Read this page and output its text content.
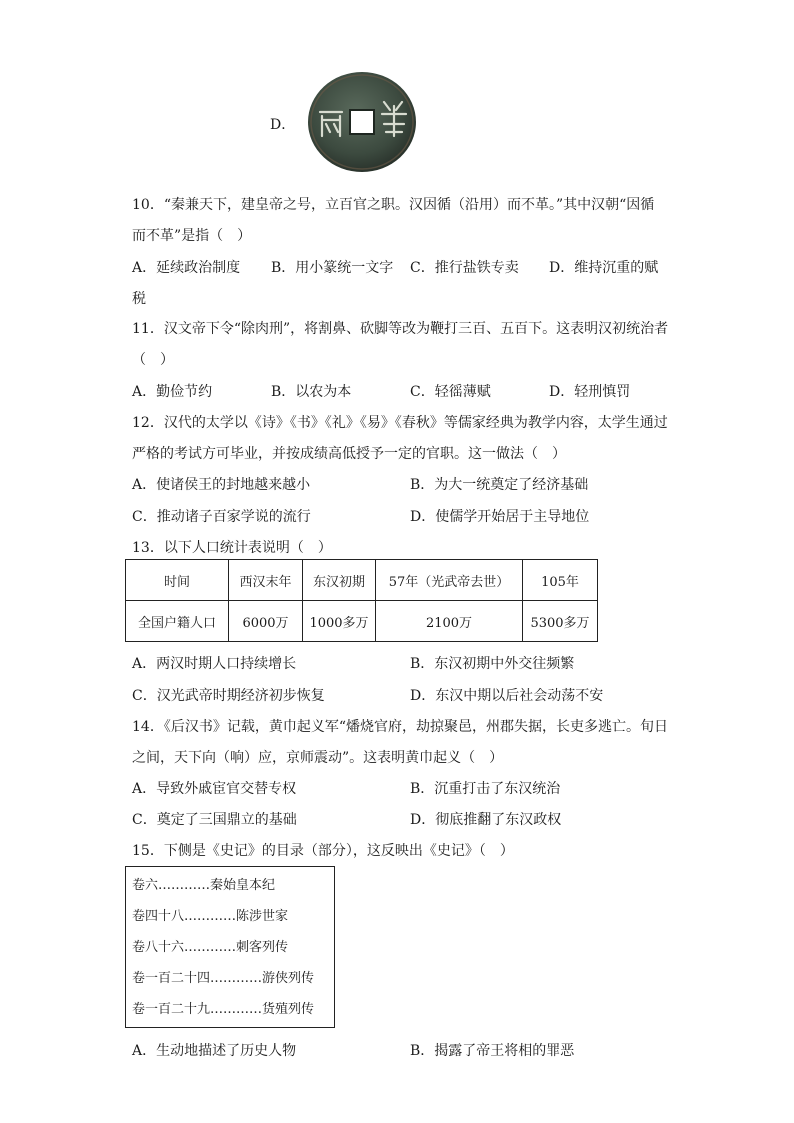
D．
10．“秦兼天下，建皇帝之号，立百官之职。汉因循（沿用）而不革。”其中汉朝“因循
而不革”是指（　）
A．延续政治制度 B．用小篆统一文字 C．推行盐铁专卖 D．维持沉重的赋
税
11．汉文帝下令“除肉刑”，将割鼻、砍脚等改为鞭打三百、五百下。这表明汉初统治者
（　）
A．勤俭节约	B．以农为本	C．轻徭薄赋	D．轻刑慎罚
12．汉代的太学以《诗》《书》《礼》《易》《春秋》等儒家经典为教学内容，太学生通过
严格的考试方可毕业，并按成绩高低授予一定的官职。这一做法（　）
A．使诸侯王的封地越来越小	B．为大一统奠定了经济基础
C．推动诸子百家学说的流行	D．使儒学开始居于主导地位
13．以下人口统计表说明（　）
时间	西汉末年	东汉初期	57年（光武帝去世）	105年
全国户籍人口	6000万	1000多万	2100万	5300多万
A．两汉时期人口持续增长	B．东汉初期中外交往频繁
C．汉光武帝时期经济初步恢复	D．东汉中期以后社会动荡不安
14．《后汉书》记载，黄巾起义军“燔烧官府，劫掠聚邑，州郡失据，长吏多逃亡。旬日
之间，天下向（响）应，京师震动”。这表明黄巾起义（　）
A．导致外戚宦官交替专权	B．沉重打击了东汉统治
C．奠定了三国鼎立的基础	D．彻底推翻了东汉政权
15．下侧是《史记》的目录（部分），这反映出《史记》（　）
卷六…………秦始皇本纪
卷四十八…………陈涉世家
卷八十六…………刺客列传
卷一百二十四…………游侠列传
卷一百二十九…………货殖列传
A．生动地描述了历史人物	B．揭露了帝王将相的罪恶
